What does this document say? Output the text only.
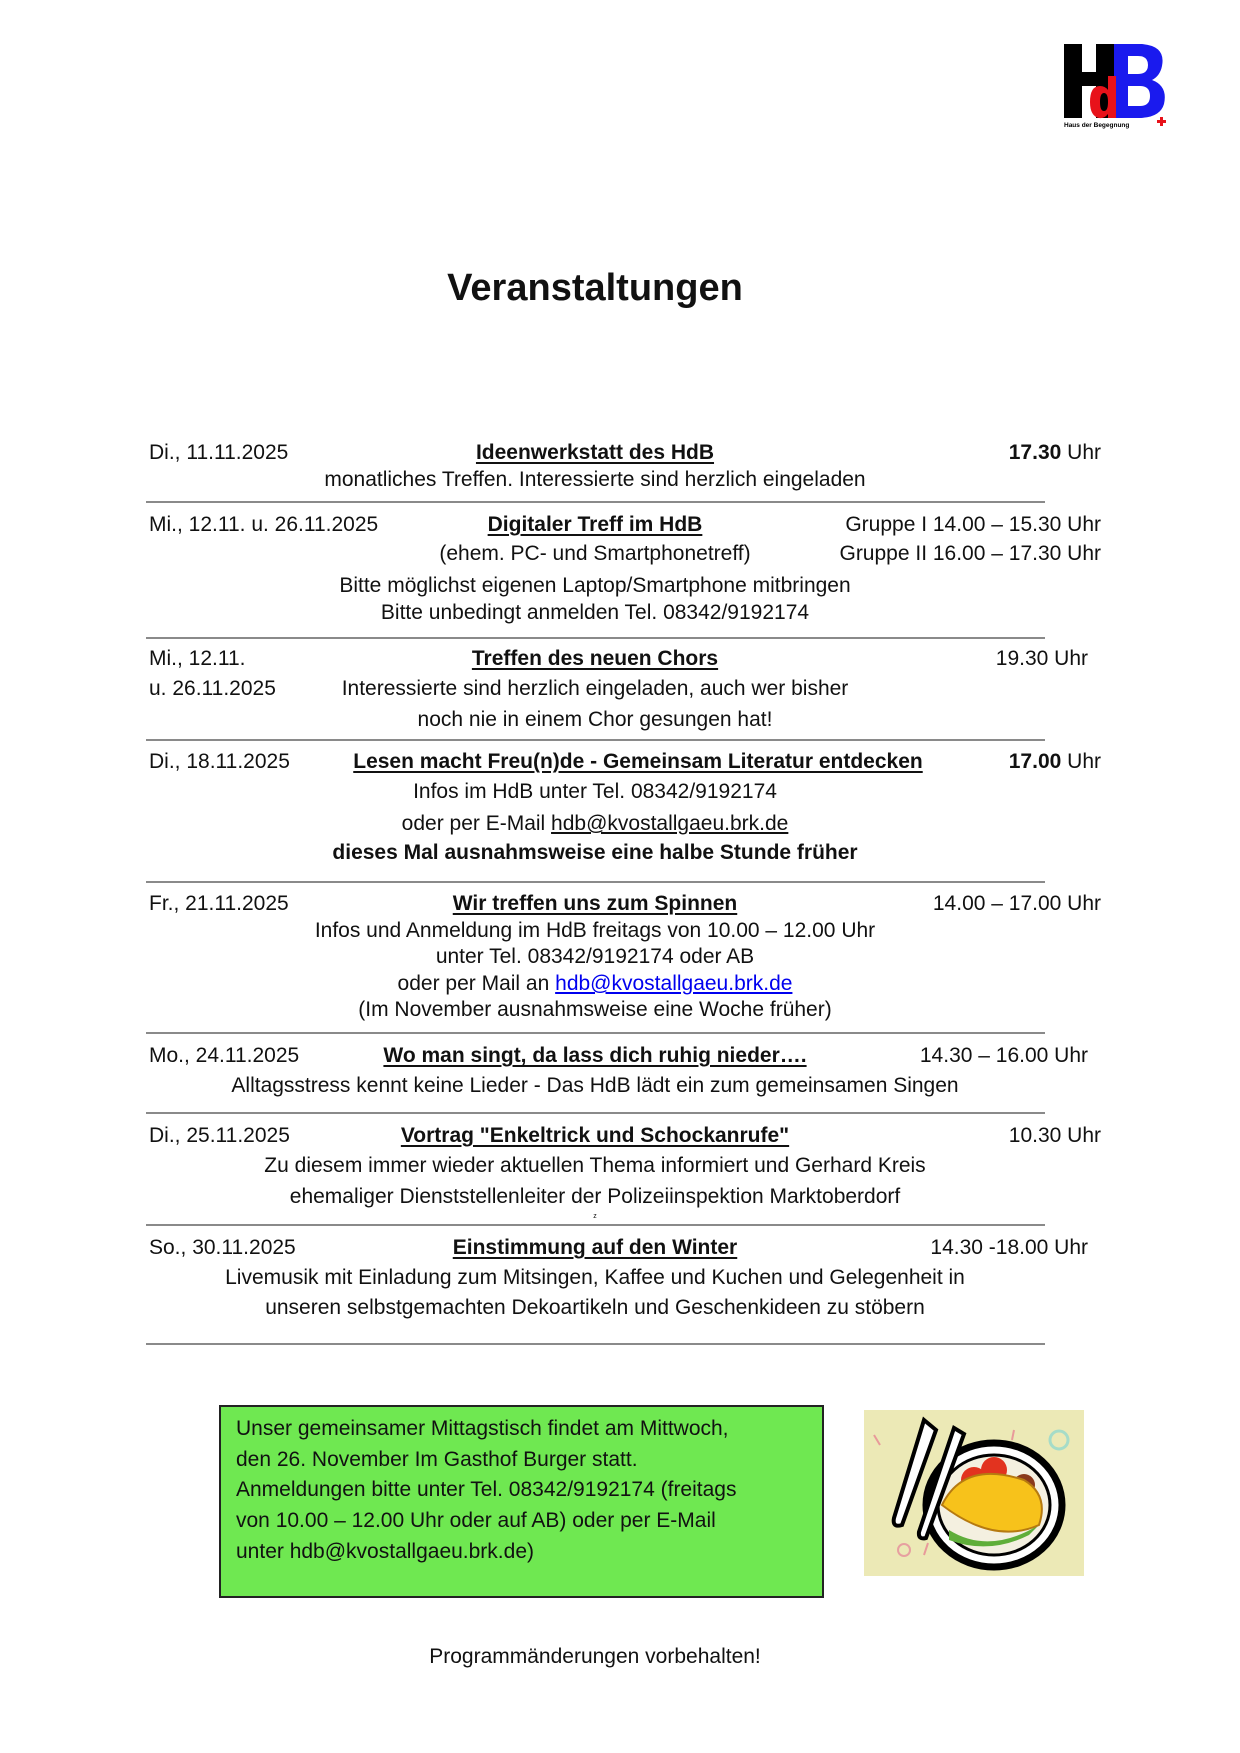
Haus der Begegnung
Veranstaltungen
Di., 11.11.2025	Ideenwerkstatt des HdB	17.30 Uhr
monatliches Treffen. Interessierte sind herzlich eingeladen
Mi., 12.11. u. 26.11.2025	Digitaler Treff im HdB	Gruppe I 14.00 – 15.30 Uhr
(ehem. PC- und Smartphonetreff)	Gruppe II 16.00 – 17.30 Uhr
Bitte möglichst eigenen Laptop/Smartphone mitbringen
Bitte unbedingt anmelden Tel. 08342/9192174
Mi., 12.11.	Treffen des neuen Chors	19.30 Uhr
u. 26.11.2025	Interessierte sind herzlich eingeladen, auch wer bisher
noch nie in einem Chor gesungen hat!
Di., 18.11.2025	Lesen macht Freu(n)de - Gemeinsam Literatur entdecken	17.00 Uhr
Infos im HdB unter Tel. 08342/9192174
oder per E-Mail hdb@kvostallgaeu.brk.de
dieses Mal ausnahmsweise eine halbe Stunde früher
Fr., 21.11.2025	Wir treffen uns zum Spinnen	14.00 – 17.00 Uhr
Infos und Anmeldung im HdB freitags von 10.00 – 12.00 Uhr
unter Tel. 08342/9192174 oder AB
oder per Mail an hdb@kvostallgaeu.brk.de
(Im November ausnahmsweise eine Woche früher)
Mo., 24.11.2025	Wo man singt, da lass dich ruhig nieder….	14.30 – 16.00 Uhr
Alltagsstress kennt keine Lieder - Das HdB lädt ein zum gemeinsamen Singen
Di., 25.11.2025	Vortrag "Enkeltrick und Schockanrufe"	10.30 Uhr
Zu diesem immer wieder aktuellen Thema informiert und Gerhard Kreis
ehemaliger Dienststellenleiter der Polizeiinspektion Marktoberdorf
z
So., 30.11.2025	Einstimmung auf den Winter	14.30 -18.00 Uhr
Livemusik mit Einladung zum Mitsingen, Kaffee und Kuchen und Gelegenheit in
unseren selbstgemachten Dekoartikeln und Geschenkideen zu stöbern
Unser gemeinsamer Mittagstisch findet am Mittwoch,
den 26. November Im Gasthof Burger statt.
Anmeldungen bitte unter Tel. 08342/9192174 (freitags
von 10.00 – 12.00 Uhr oder auf AB) oder per E-Mail
unter hdb@kvostallgaeu.brk.de)
Programmänderungen vorbehalten!
